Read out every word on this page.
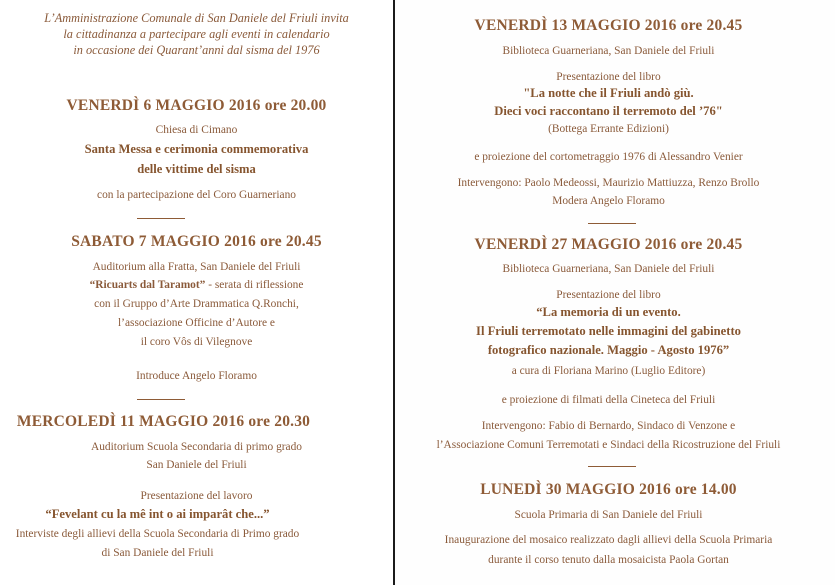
L’Amministrazione Comunale di San Daniele del Friuli invita
la cittadinanza a partecipare agli eventi in calendario
in occasione dei Quarant’anni dal sisma del 1976
VENERDÌ 6 MAGGIO 2016 ore 20.00
Chiesa di Cimano
Santa Messa e cerimonia commemorativa
delle vittime del sisma
con la partecipazione del Coro Guarneriano
SABATO 7 MAGGIO 2016 ore 20.45
Auditorium alla Fratta, San Daniele del Friuli
“Ricuarts dal Taramot” - serata di riflessione
con il Gruppo d’Arte Drammatica Q.Ronchi,
l’associazione Officine d’Autore e
il coro Vôs di Vilegnove
Introduce Angelo Floramo
MERCOLEDÌ 11 MAGGIO 2016 ore 20.30
Auditorium Scuola Secondaria di primo grado
San Daniele del Friuli
Presentazione del lavoro
“Fevelant cu la mê int o ai imparât che...”
Interviste degli allievi della Scuola Secondaria di Primo grado
di San Daniele del Friuli
VENERDÌ 13 MAGGIO 2016 ore 20.45
Biblioteca Guarneriana, San Daniele del Friuli
Presentazione del libro
"La notte che il Friuli andò giù.
Dieci voci raccontano il terremoto del ’76"
(Bottega Errante Edizioni)
e proiezione del cortometraggio 1976 di Alessandro Venier
Intervengono: Paolo Medeossi, Maurizio Mattiuzza, Renzo Brollo
Modera Angelo Floramo
VENERDÌ 27 MAGGIO 2016 ore 20.45
Biblioteca Guarneriana, San Daniele del Friuli
Presentazione del libro
“La memoria di un evento.
Il Friuli terremotato nelle immagini del gabinetto
fotografico nazionale. Maggio - Agosto 1976”
a cura di Floriana Marino (Luglio Editore)
e proiezione di filmati della Cineteca del Friuli
Intervengono: Fabio di Bernardo, Sindaco di Venzone e
l’Associazione Comuni Terremotati e Sindaci della Ricostruzione del Friuli
LUNEDÌ 30 MAGGIO 2016 ore 14.00
Scuola Primaria di San Daniele del Friuli
Inaugurazione del mosaico realizzato dagli allievi della Scuola Primaria
durante il corso tenuto dalla mosaicista Paola Gortan
